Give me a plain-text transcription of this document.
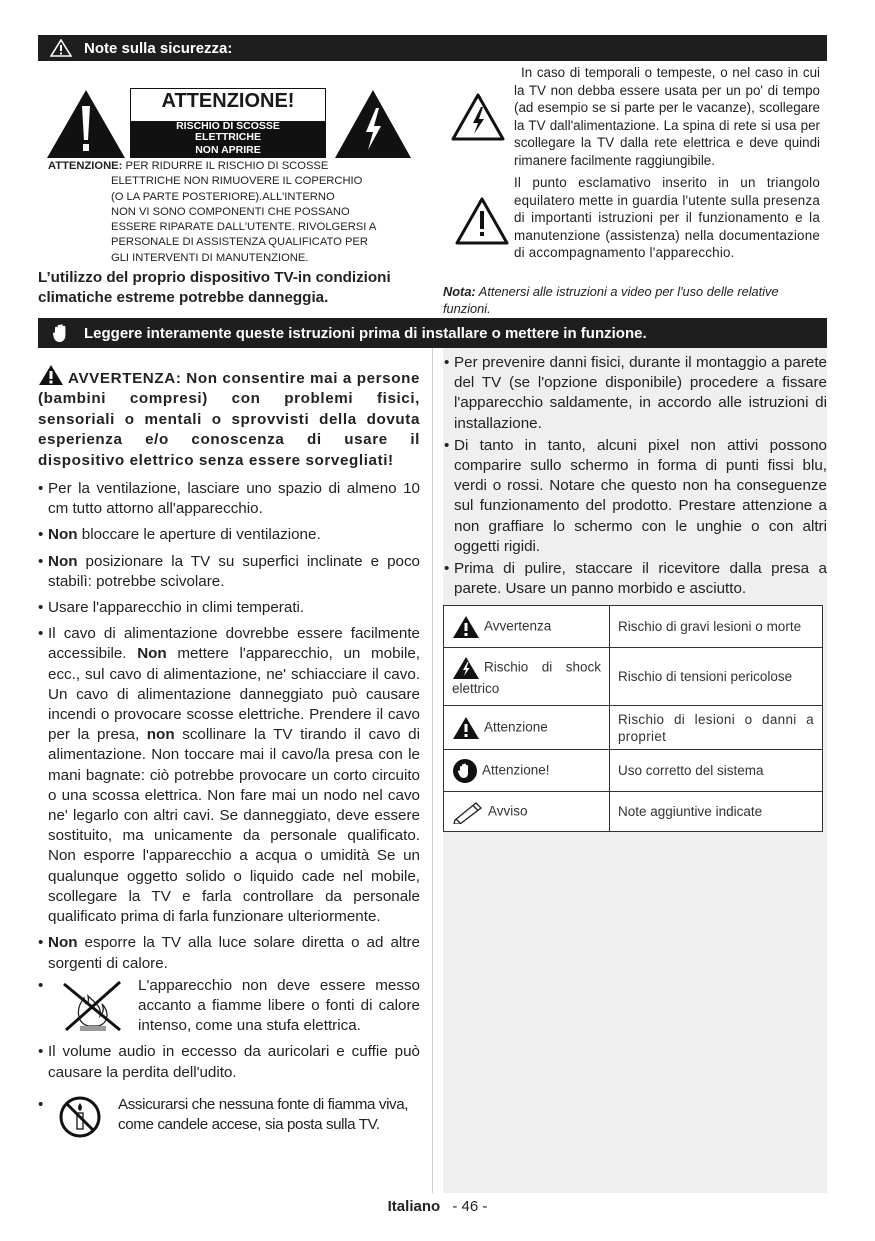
Note sulla sicurezza:
ATTENZIONE!
RISCHIO DI SCOSSE
ELETTRICHE
NON APRIRE
ATTENZIONE: PER RIDURRE IL RISCHIO DI SCOSSE
ELETTRICHE NON RIMUOVERE IL COPERCHIO
(O LA PARTE POSTERIORE).ALL'INTERNO
NON VI SONO COMPONENTI CHE POSSANO
ESSERE RIPARATE DALL'UTENTE. RIVOLGERSI A
PERSONALE DI ASSISTENZA QUALIFICATO PER
GLI INTERVENTI DI MANUTENZIONE.
L’utilizzo del proprio dispositivo TV-in condizioni climatiche estreme potrebbe danneggia.
In caso di temporali o tempeste, o nel caso in cui la TV non debba essere usata per un po' di tempo (ad esempio se si parte per le vacanze), scollegare la TV dall'alimentazione. La spina di rete si usa per scollegare la TV dalla rete elettrica e deve quindi rimanere facilmente raggiungibile.
Il punto esclamativo inserito in un triangolo equilatero mette in guardia l'utente sulla presenza di importanti istruzioni per il funzionamento e la manutenzione (assistenza) nella documentazione di accompagnamento l'apparecchio.
Nota: Attenersi alle istruzioni a video per l'uso delle relative funzioni.
Leggere interamente queste istruzioni prima di installare o mettere in funzione.
AVVERTENZA: Non consentire mai a persone (bambini compresi) con problemi fisici, sensoriali o mentali o sprovvisti della dovuta esperienza e/o conoscenza di usare il dispositivo elettrico senza essere sorvegliati!
• Per la ventilazione, lasciare uno spazio di almeno 10 cm tutto attorno all'apparecchio.
• Non bloccare le aperture di ventilazione.
• Non posizionare la TV su superfici inclinate e poco stabilì: potrebbe scivolare.
• Usare l'apparecchio in climi temperati.
• Il cavo di alimentazione dovrebbe essere facilmente accessibile. Non mettere l'apparecchio, un mobile, ecc., sul cavo di alimentazione, ne' schiacciare il cavo. Un cavo di alimentazione danneggiato può causare incendi o provocare scosse elettriche. Prendere il cavo per la presa, non scollinare la TV tirando il cavo di alimentazione. Non toccare mai il cavo/la presa con le mani bagnate: ciò potrebbe provocare un corto circuito o una scossa elettrica. Non fare mai un nodo nel cavo ne' legarlo con altri cavi. Se danneggiato, deve essere sostituito, ma unicamente da personale qualificato. Non esporre l'apparecchio a acqua o umidità Se un qualunque oggetto solido o liquido cade nel mobile, scollegare la TV e farla controllare da personale qualificato prima di farla funzionare ulteriormente.
• Non esporre la TV alla luce solare diretta o ad altre sorgenti di calore.
• L'apparecchio non deve essere messo accanto a fiamme libere o fonti di calore intenso, come una stufa elettrica.
• Il volume audio in eccesso da auricolari e cuffie può causare la perdita dell'udito.
• Assicurarsi che nessuna fonte di fiamma viva, come candele accese, sia posta sulla TV.
• Per prevenire danni fisici, durante il montaggio a parete del TV (se l'opzione disponibile) procedere a fissare l'apparecchio saldamente, in accordo alle istruzioni di installazione.
• Di tanto in tanto, alcuni pixel non attivi possono comparire sullo schermo in forma di punti fissi blu, verdi o rossi. Notare che questo non ha conseguenze sul funzionamento del prodotto. Prestare attenzione a non graffiare lo schermo con le unghie o con altri oggetti rigidi.
• Prima di pulire, staccare il ricevitore dalla presa a parete. Usare un panno morbido e asciutto.
Avvertenza	Rischio di gravi lesioni o morte
Rischio di shock elettrico	Rischio di tensioni pericolose
Attenzione	Rischio di lesioni o danni a propriet
Attenzione!	Uso corretto del sistema
Avviso	Note aggiuntive indicate
Italiano - 46 -
